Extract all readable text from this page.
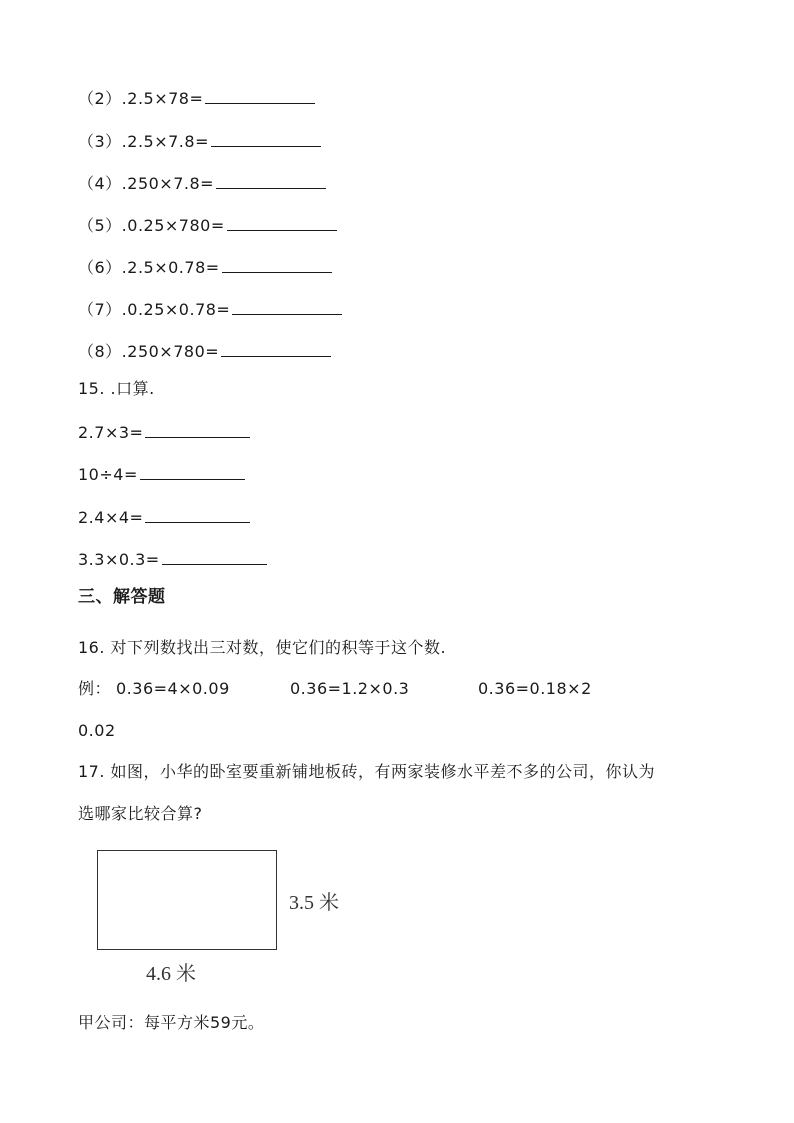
（2）.2.5×78=
（3）.2.5×7.8=
（4）.250×7.8=
（5）.0.25×780=
（6）.2.5×0.78=
（7）.0.25×0.78=
（8）.250×780=
15. .口算.
2.7×3=
10÷4=
2.4×4=
3.3×0.3=
三、解答题
16. 对下列数找出三对数，使它们的积等于这个数.
例： 0.36=4×0.09	0.36=1.2×0.3	0.36=0.18×2
0.02
17. 如图，小华的卧室要重新铺地板砖，有两家装修水平差不多的公司，你认为
选哪家比较合算?
3.5 米
4.6 米
甲公司：每平方米59元。
